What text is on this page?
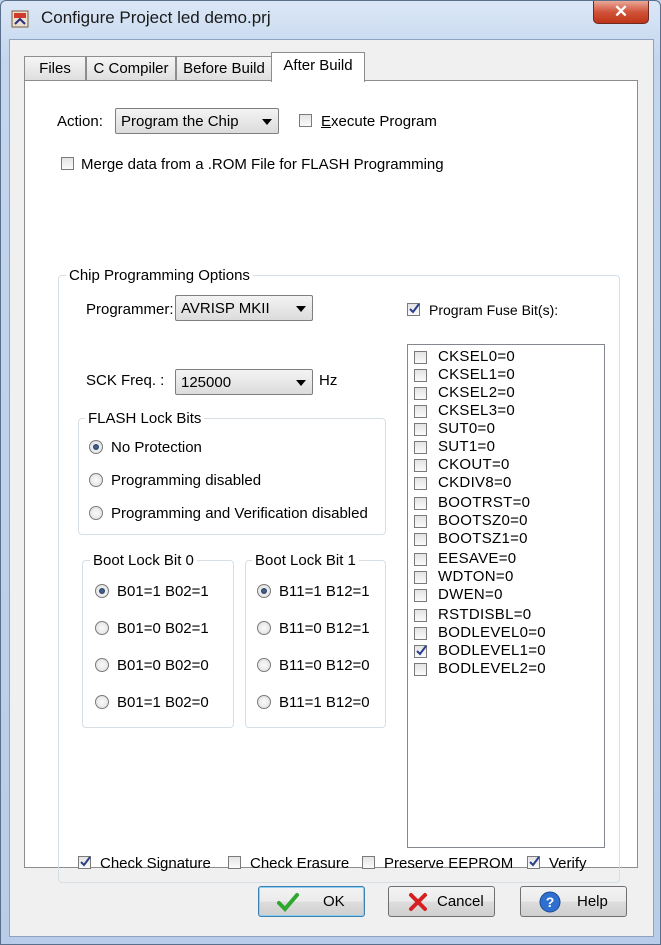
Configure Project led demo.prj	✕
Files	C Compiler Before Build	After Build
Action:	Program the Chip	Execute Program
Merge data from a .ROM File for FLASH Programming
Chip Programming Options
Programmer: AVRISP MKII	Program Fuse Bit(s):
SCK Freq. :	125000	Hz
FLASH Lock Bits
No Protection
Programming disabled
Programming and Verification disabled
Boot Lock Bit 0
B01=1 B02=1
B01=0 B02=1
B01=0 B02=0
B01=1 B02=0
Boot Lock Bit 1
B11=1 B12=1
B11=0 B12=1
B11=0 B12=0
B11=1 B12=0
CKSEL0=0
CKSEL1=0
CKSEL2=0
CKSEL3=0
SUT0=0
SUT1=0
CKOUT=0
CKDIV8=0
BOOTRST=0
BOOTSZ0=0
BOOTSZ1=0
EESAVE=0
WDTON=0
DWEN=0
RSTDISBL=0
BODLEVEL0=0
BODLEVEL1=0
BODLEVEL2=0
Check Signature	Check Erasure Preserve EEPROM Verify
OK	Cancel	? Help
